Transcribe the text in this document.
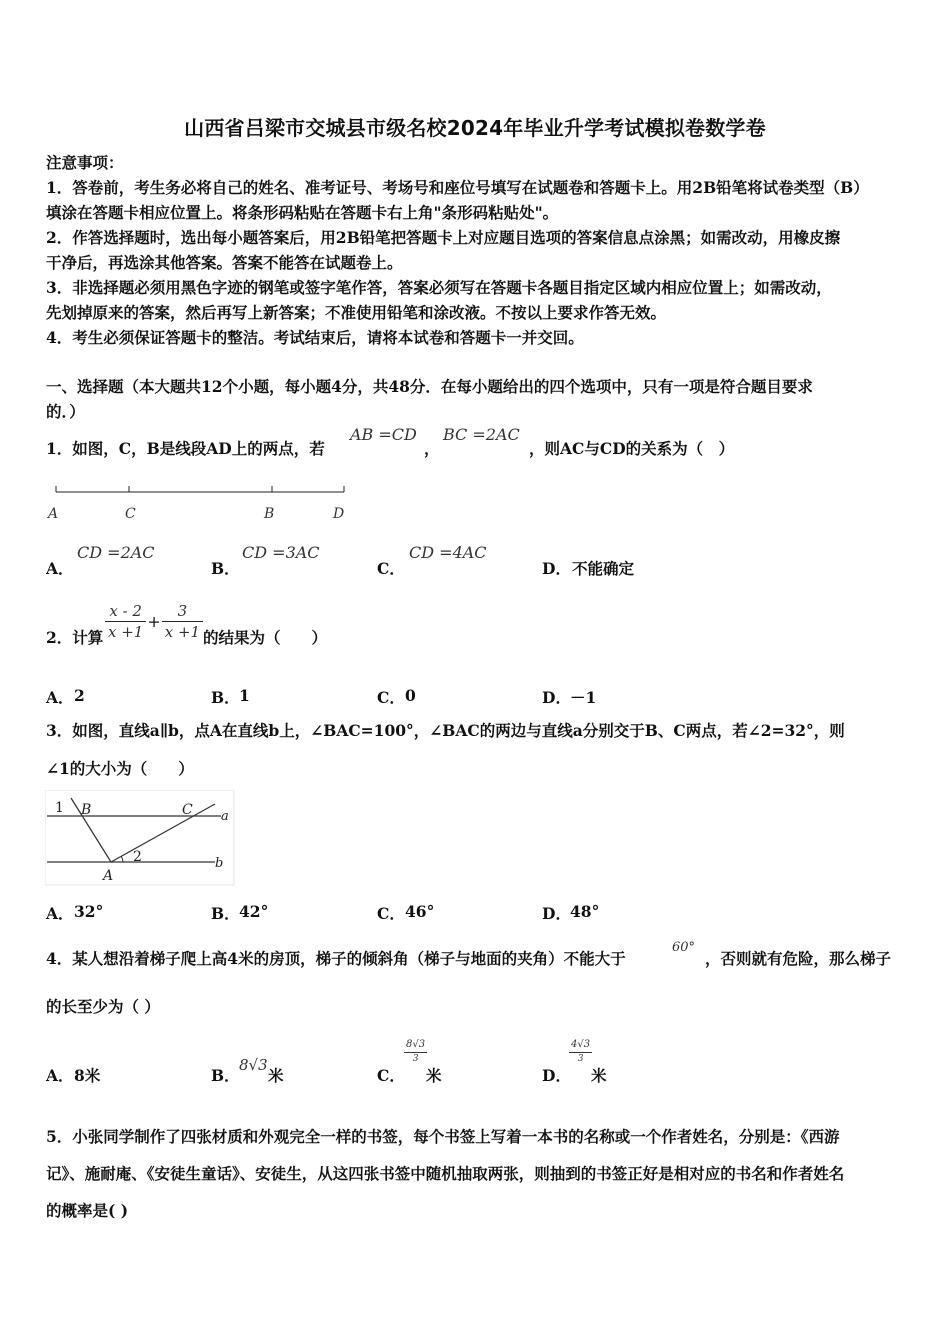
山西省吕梁市交城县市级名校2024年毕业升学考试模拟卷数学卷
注意事项：
1．答卷前，考生务必将自己的姓名、准考证号、考场号和座位号填写在试题卷和答题卡上。用2B铅笔将试卷类型（B）
填涂在答题卡相应位置上。将条形码粘贴在答题卡右上角"条形码粘贴处"。
2．作答选择题时，选出每小题答案后，用2B铅笔把答题卡上对应题目选项的答案信息点涂黑；如需改动，用橡皮擦
干净后，再选涂其他答案。答案不能答在试题卷上。
3．非选择题必须用黑色字迹的钢笔或签字笔作答，答案必须写在答题卡各题目指定区域内相应位置上；如需改动，
先划掉原来的答案，然后再写上新答案；不准使用铅笔和涂改液。不按以上要求作答无效。
4．考生必须保证答题卡的整洁。考试结束后，请将本试卷和答题卡一并交回。
一、选择题（本大题共12个小题，每小题4分，共48分．在每小题给出的四个选项中，只有一项是符合题目要求
的．）
1．如图，C，B是线段AD上的两点，若
AB =CD
，
BC =2AC
，则AC与CD的关系为（　）
A	C	B	D
A．
CD =2AC
B．
CD =3AC
C．
CD =4AC
D． 不能确定
2．计算 $\frac{x - 2}{x +1} + \frac{3}{x +1}$ 的结果为（　　）
A． 2	B． 1	C． 0	D． －1
3．如图，直线a∥b，点A在直线b上，∠BAC=100°，∠BAC的两边与直线a分别交于B、C两点，若∠2=32°，则
∠1的大小为（　　）
1 B	C a
2	b
A
A． 32°	B． 42°	C． 46°	D． 48°
4．某人想沿着梯子爬上高4米的房顶，梯子的倾斜角（梯子与地面的夹角）不能大于
60°
，否则就有危险，那么梯子
的长至少为（ ）
A． 8米	B．
8√3
米	C．
$\frac{8√3}{3}$
米	D．
$\frac{4√3}{3}$
米
5．小张同学制作了四张材质和外观完全一样的书签，每个书签上写着一本书的名称或一个作者姓名，分别是：《西游
记》、施耐庵、《安徒生童话》、安徒生，从这四张书签中随机抽取两张，则抽到的书签正好是相对应的书名和作者姓名
的概率是( )
